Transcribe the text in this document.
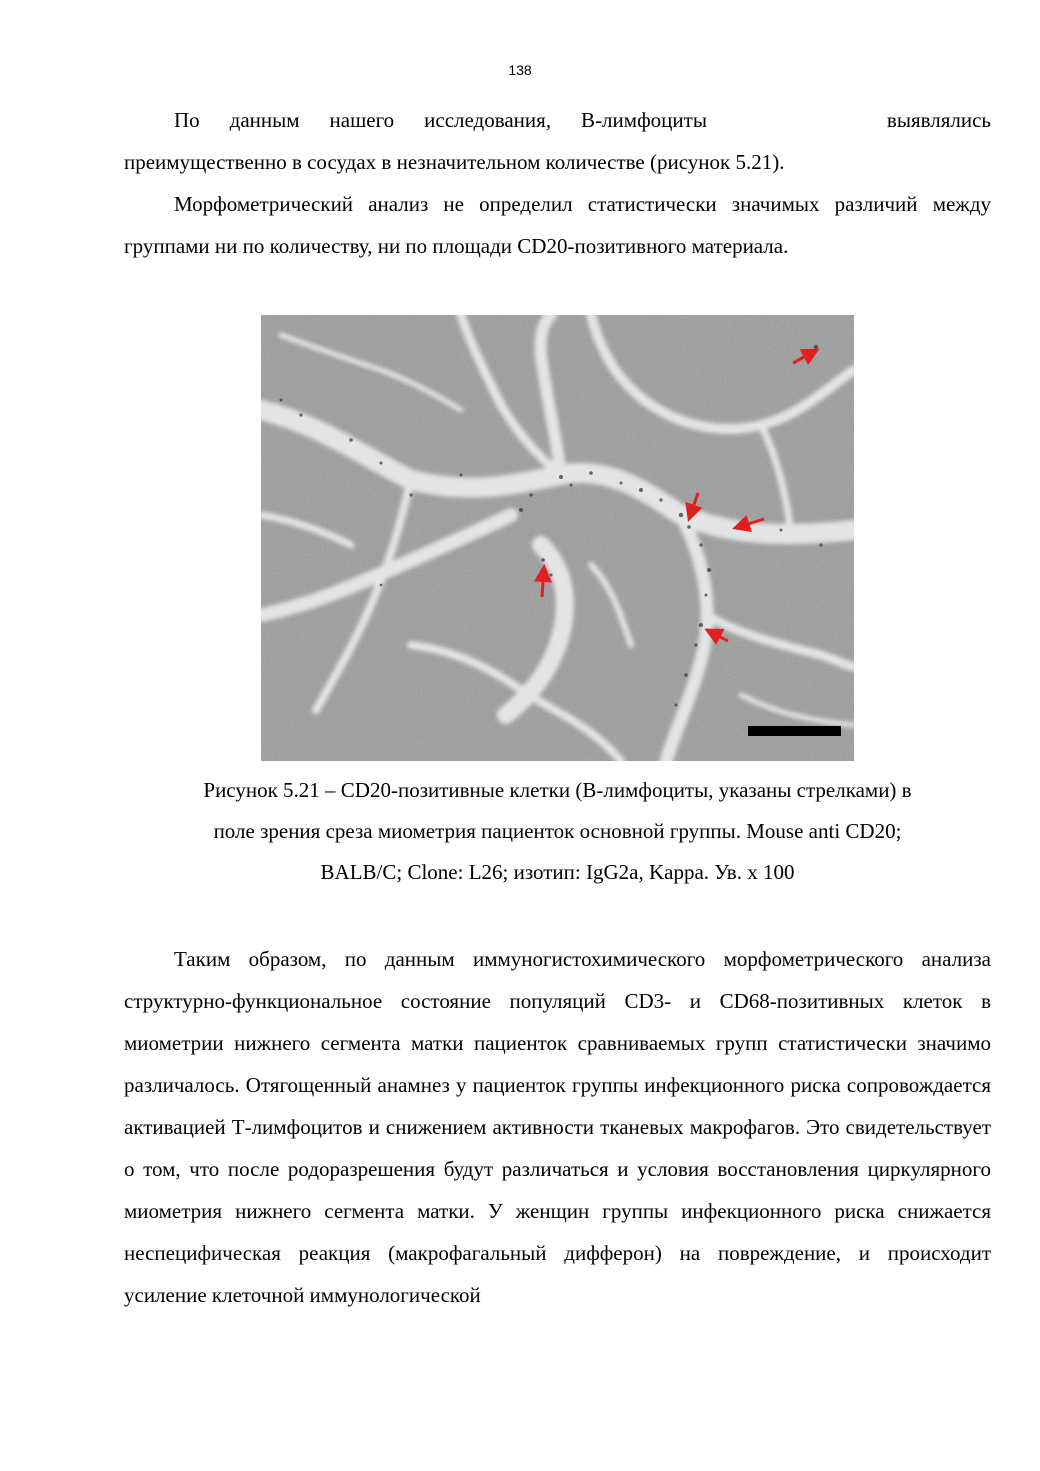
138

По данным нашего исследования, В-лимфоциты	выявлялись преимущественно в сосудах в незначительном количестве (рисунок 5.21).

Морфометрический анализ не определил статистически значимых различий между группами ни по количеству, ни по площади CD20-позитивного материала.

Рисунок 5.21 – CD20-позитивные клетки (В-лимфоциты, указаны стрелками) в
поле зрения среза миометрия пациенток основной группы. Mouse anti CD20;
BALB/C; Clone: L26; изотип: IgG2a, Kappa. Ув. х 100

Таким образом, по данным иммуногистохимического морфометрического анализа структурно-функциональное состояние популяций CD3- и CD68-позитивных клеток в миометрии нижнего сегмента матки пациенток сравниваемых групп статистически значимо различалось. Отягощенный анамнез у пациенток группы инфекционного риска сопровождается активацией Т-лимфоцитов и снижением активности тканевых макрофагов. Это свидетельствует о том, что после родоразрешения будут различаться и условия восстановления циркулярного миометрия нижнего сегмента матки. У женщин группы инфекционного риска снижается неспецифическая реакция (макрофагальный дифферон) на повреждение, и происходит усиление клеточной иммунологической
